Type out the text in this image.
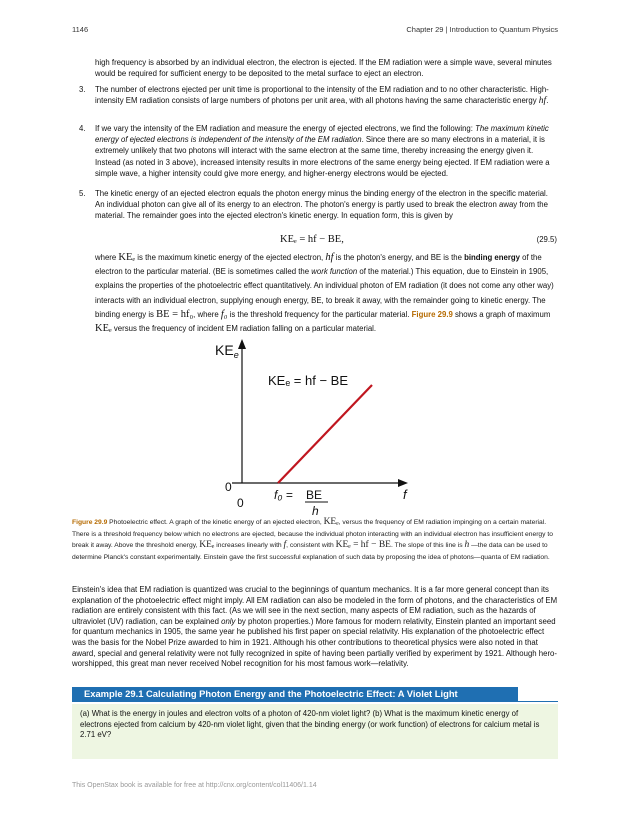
1146	Chapter 29 | Introduction to Quantum Physics
high frequency is absorbed by an individual electron, the electron is ejected. If the EM radiation were a simple wave, several minutes would be required for sufficient energy to be deposited to the metal surface to eject an electron.
3. The number of electrons ejected per unit time is proportional to the intensity of the EM radiation and to no other characteristic. High-intensity EM radiation consists of large numbers of photons per unit area, with all photons having the same characteristic energy hf.
4. If we vary the intensity of the EM radiation and measure the energy of ejected electrons, we find the following: The maximum kinetic energy of ejected electrons is independent of the intensity of the EM radiation. Since there are so many electrons in a material, it is extremely unlikely that two photons will interact with the same electron at the same time, thereby increasing the energy given it. Instead (as noted in 3 above), increased intensity results in more electrons of the same energy being ejected. If EM radiation were a simple wave, a higher intensity could give more energy, and higher-energy electrons would be ejected.
5. The kinetic energy of an ejected electron equals the photon energy minus the binding energy of the electron in the specific material. An individual photon can give all of its energy to an electron. The photon's energy is partly used to break the electron away from the material. The remainder goes into the ejected electron's kinetic energy. In equation form, this is given by
KEₑ = hf − BE,	(29.5)
where KEₑ is the maximum kinetic energy of the ejected electron, hf is the photon's energy, and BE is the binding energy of the electron to the particular material. (BE is sometimes called the work function of the material.) This equation, due to Einstein in 1905, explains the properties of the photoelectric effect quantitatively. An individual photon of EM radiation (it does not come any other way) interacts with an individual electron, supplying enough energy, BE, to break it away, with the remainder going to kinetic energy. The binding energy is BE = hf₀, where f₀ is the threshold frequency for the particular material. Figure 29.9 shows a graph of maximum KEₑ versus the frequency of incident EM radiation falling on a particular material.
$KE_e$
KEₑ = hf − BE
0
0
f₀ = BE
h
f
Figure 29.9 Photoelectric effect. A graph of the kinetic energy of an ejected electron, KEₑ, versus the frequency of EM radiation impinging on a certain material. There is a threshold frequency below which no electrons are ejected, because the individual photon interacting with an individual electron has insufficient energy to break it away. Above the threshold energy, KEₑ increases linearly with f, consistent with KEₑ = hf − BE. The slope of this line is h —the data can be used to determine Planck's constant experimentally. Einstein gave the first successful explanation of such data by proposing the idea of photons—quanta of EM radiation.
Einstein's idea that EM radiation is quantized was crucial to the beginnings of quantum mechanics. It is a far more general concept than its explanation of the photoelectric effect might imply. All EM radiation can also be modeled in the form of photons, and the characteristics of EM radiation are entirely consistent with this fact. (As we will see in the next section, many aspects of EM radiation, such as the hazards of ultraviolet (UV) radiation, can be explained only by photon properties.) More famous for modern relativity, Einstein planted an important seed for quantum mechanics in 1905, the same year he published his first paper on special relativity. His explanation of the photoelectric effect was the basis for the Nobel Prize awarded to him in 1921. Although his other contributions to theoretical physics were also noted in that award, special and general relativity were not fully recognized in spite of having been partially verified by experiment by 1921. Although hero-worshipped, this great man never received Nobel recognition for his most famous work—relativity.
Example 29.1 Calculating Photon Energy and the Photoelectric Effect: A Violet Light
(a) What is the energy in joules and electron volts of a photon of 420-nm violet light? (b) What is the maximum kinetic energy of electrons ejected from calcium by 420-nm violet light, given that the binding energy (or work function) of electrons for calcium metal is 2.71 eV?
This OpenStax book is available for free at http://cnx.org/content/col11406/1.14
